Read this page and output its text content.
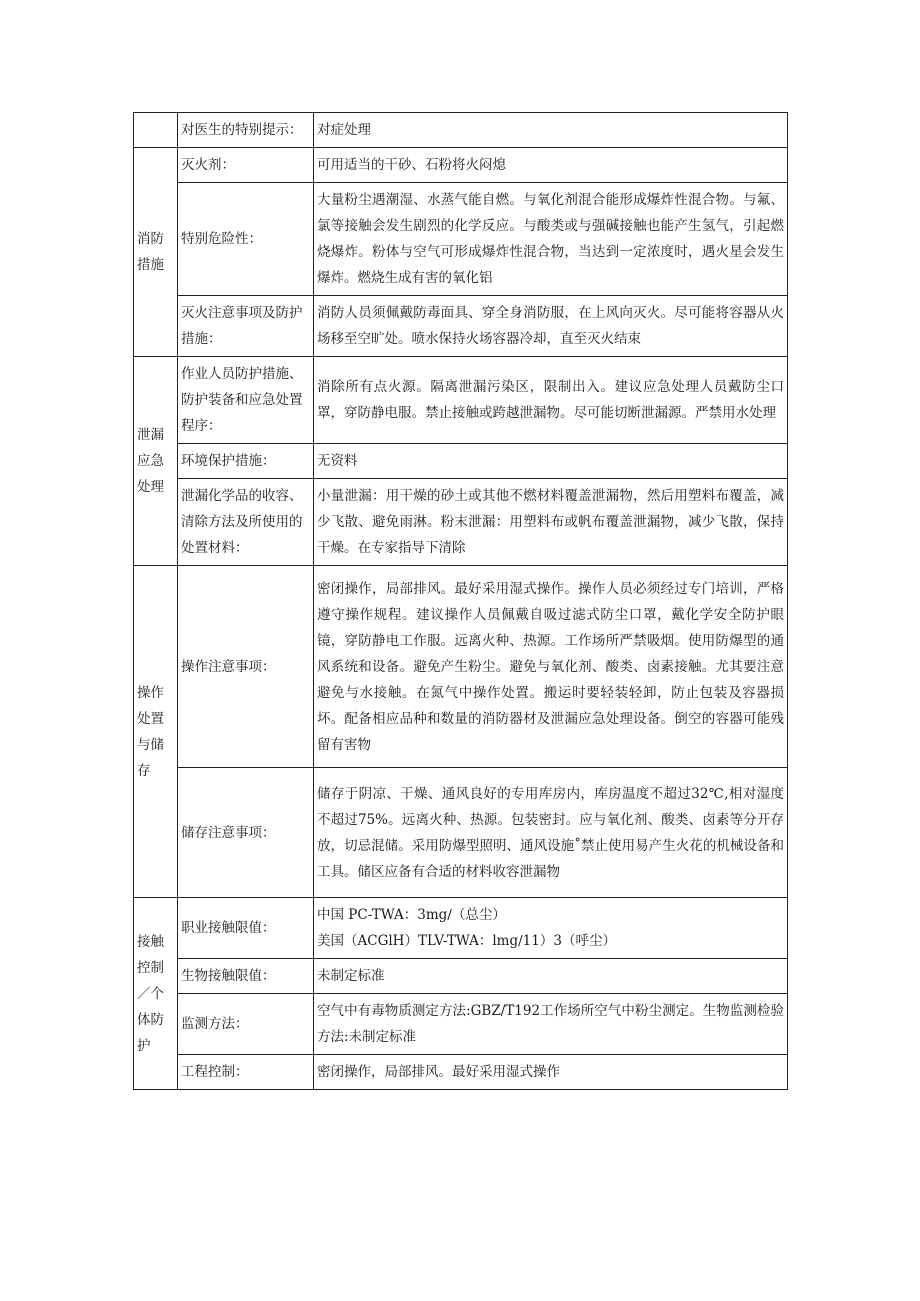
	对医生的特别提示：	对症处理
消防措施	灭火剂：	可用适当的干砂、石粉将火闷熄
	特别危险性：	大量粉尘遇潮湿、水蒸气能自燃。与氧化剂混合能形成爆炸性混合物。与氟、氯等接触会发生剧烈的化学反应。与酸类或与强碱接触也能产生氢气，引起燃烧爆炸。粉体与空气可形成爆炸性混合物，当达到一定浓度时，遇火星会发生爆炸。燃烧生成有害的氧化铝
	灭火注意事项及防护措施：	消防人员须佩戴防毒面具、穿全身消防服，在上风向灭火。尽可能将容器从火场移至空旷处。喷水保持火场容器冷却，直至灭火结束
泄漏应急处理	作业人员防护措施、防护装备和应急处置程序：	消除所有点火源。隔离泄漏污染区，限制出入。建议应急处理人员戴防尘口罩，穿防静电服。禁止接触或跨越泄漏物。尽可能切断泄漏源。严禁用水处理
	环境保护措施：	无资料
	泄漏化学品的收容、清除方法及所使用的处置材料：	小量泄漏：用干燥的砂土或其他不燃材料覆盖泄漏物，然后用塑料布覆盖，减少飞散、避免雨淋。粉末泄漏：用塑料布或帆布覆盖泄漏物，减少飞散，保持干燥。在专家指导下清除
操作处置与储存	操作注意事项：	密闭操作，局部排风。最好采用湿式操作。操作人员必须经过专门培训，严格遵守操作规程。建议操作人员佩戴自吸过滤式防尘口罩，戴化学安全防护眼镜，穿防静电工作服。远离火种、热源。工作场所严禁吸烟。使用防爆型的通风系统和设备。避免产生粉尘。避免与氧化剂、酸类、卤素接触。尤其要注意避免与水接触。在氮气中操作处置。搬运时要轻装轻卸，防止包装及容器损坏。配备相应品种和数量的消防器材及泄漏应急处理设备。倒空的容器可能残留有害物
	储存注意事项：	储存于阴凉、干燥、通风良好的专用库房内，库房温度不超过32℃,相对湿度不超过75%。远离火种、热源。包装密封。应与氧化剂、酸类、卤素等分开存放，切忌混储。采用防爆型照明、通风设施˚禁止使用易产生火花的机械设备和工具。储区应备有合适的材料收容泄漏物
接触控制／个体防护	职业接触限值：	中国 PC-TWA：3mg∕（总尘）
美国（ACGlH）TLV-TWA：lmg∕11）3（呼尘）

	生物接触限值：	未制定标准
	监测方法：	空气中有毒物质测定方法:GBZ/T192工作场所空气中粉尘测定。生物监测检验方法:未制定标准
	工程控制：	密闭操作，局部排风。最好采用湿式操作
